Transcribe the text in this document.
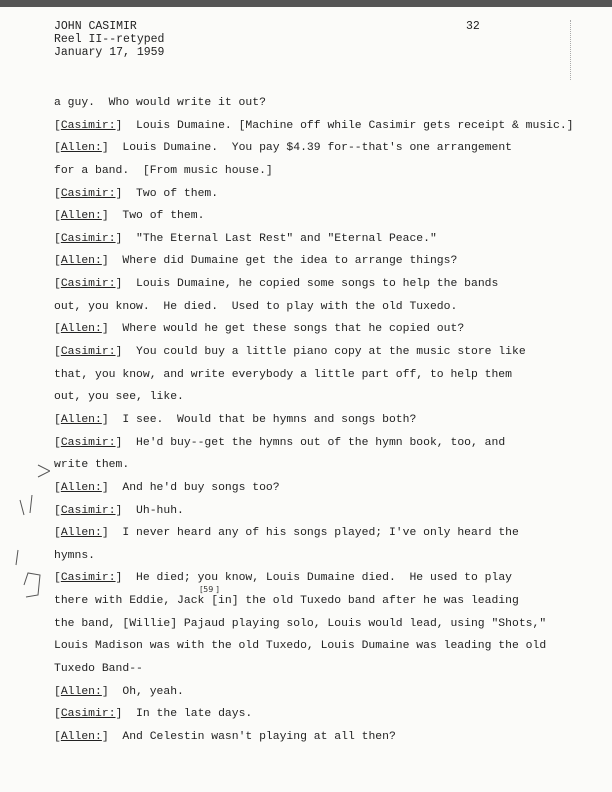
JOHN CASIMIR
Reel II--retyped
January 17, 1959
32
a guy.  Who would write it out?
[Casimir:]  Louis Dumaine. [Machine off while Casimir gets receipt & music.]
[Allen:]  Louis Dumaine.  You pay $4.39 for--that's one arrangement
for a band.  [From music house.]
[Casimir:]  Two of them.
[Allen:]  Two of them.
[Casimir:]  "The Eternal Last Rest" and "Eternal Peace."
[Allen:]  Where did Dumaine get the idea to arrange things?
[Casimir:]  Louis Dumaine, he copied some songs to help the bands
out, you know.  He died.  Used to play with the old Tuxedo.
[Allen:]  Where would he get these songs that he copied out?
[Casimir:]  You could buy a little piano copy at the music store like
that, you know, and write everybody a little part off, to help them
out, you see, like.
[Allen:]  I see.  Would that be hymns and songs both?
[Casimir:]  He'd buy--get the hymns out of the hymn book, too, and
write them.
[Allen:]  And he'd buy songs too?
[Casimir:]  Uh-huh.
[Allen:]  I never heard any of his songs played; I've only heard the
hymns.
[Casimir:]  He died; you know, Louis Dumaine died.  He used to play
there with Eddie, Jack [in] the old Tuxedo band after he was leading
the band, [Willie] Pajaud playing solo, Louis would lead, using "Shots,"
Louis Madison was with the old Tuxedo, Louis Dumaine was leading the old
Tuxedo Band--
[Allen:]  Oh, yeah.
[Casimir:]  In the late days.
[Allen:]  And Celestin wasn't playing at all then?
[59 ]
